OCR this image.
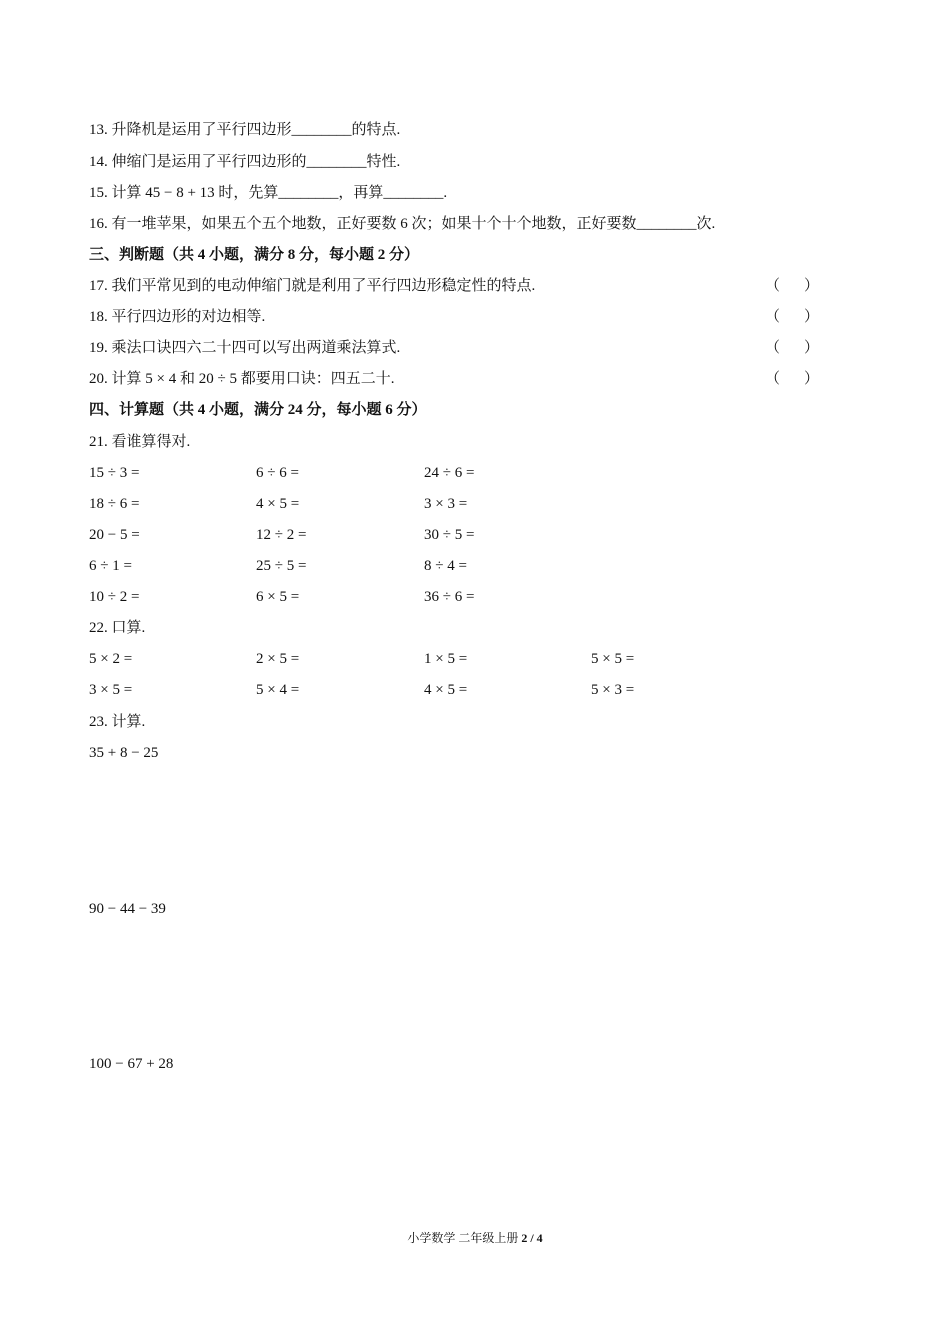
13. 升降机是运用了平行四边形________的特点.
14. 伸缩门是运用了平行四边形的________特性.
15. 计算 45 − 8 + 13 时，先算________，再算________.
16. 有一堆苹果，如果五个五个地数，正好要数 6 次；如果十个十个地数，正好要数________次.
三、判断题（共 4 小题，满分 8 分，每小题 2 分）
17. 我们平常见到的电动伸缩门就是利用了平行四边形稳定性的特点.	（ ）
18. 平行四边形的对边相等.	（ ）
19. 乘法口诀四六二十四可以写出两道乘法算式.	（ ）
20. 计算 5 × 4 和 20 ÷ 5 都要用口诀：四五二十.	（ ）
四、计算题（共 4 小题，满分 24 分，每小题 6 分）
21. 看谁算得对.
15 ÷ 3 =	6 ÷ 6 =	24 ÷ 6 =
18 ÷ 6 =	4 × 5 =	3 × 3 =
20 − 5 =	12 ÷ 2 =	30 ÷ 5 =
6 ÷ 1 =	25 ÷ 5 =	8 ÷ 4 =
10 ÷ 2 =	6 × 5 =	36 ÷ 6 =
22. 口算.
5 × 2 =	2 × 5 =	1 × 5 =	5 × 5 =
3 × 5 =	5 × 4 =	4 × 5 =	5 × 3 =
23. 计算.
35 + 8 − 25
90 − 44 − 39
100 − 67 + 28
小学数学 二年级上册 2 / 4
